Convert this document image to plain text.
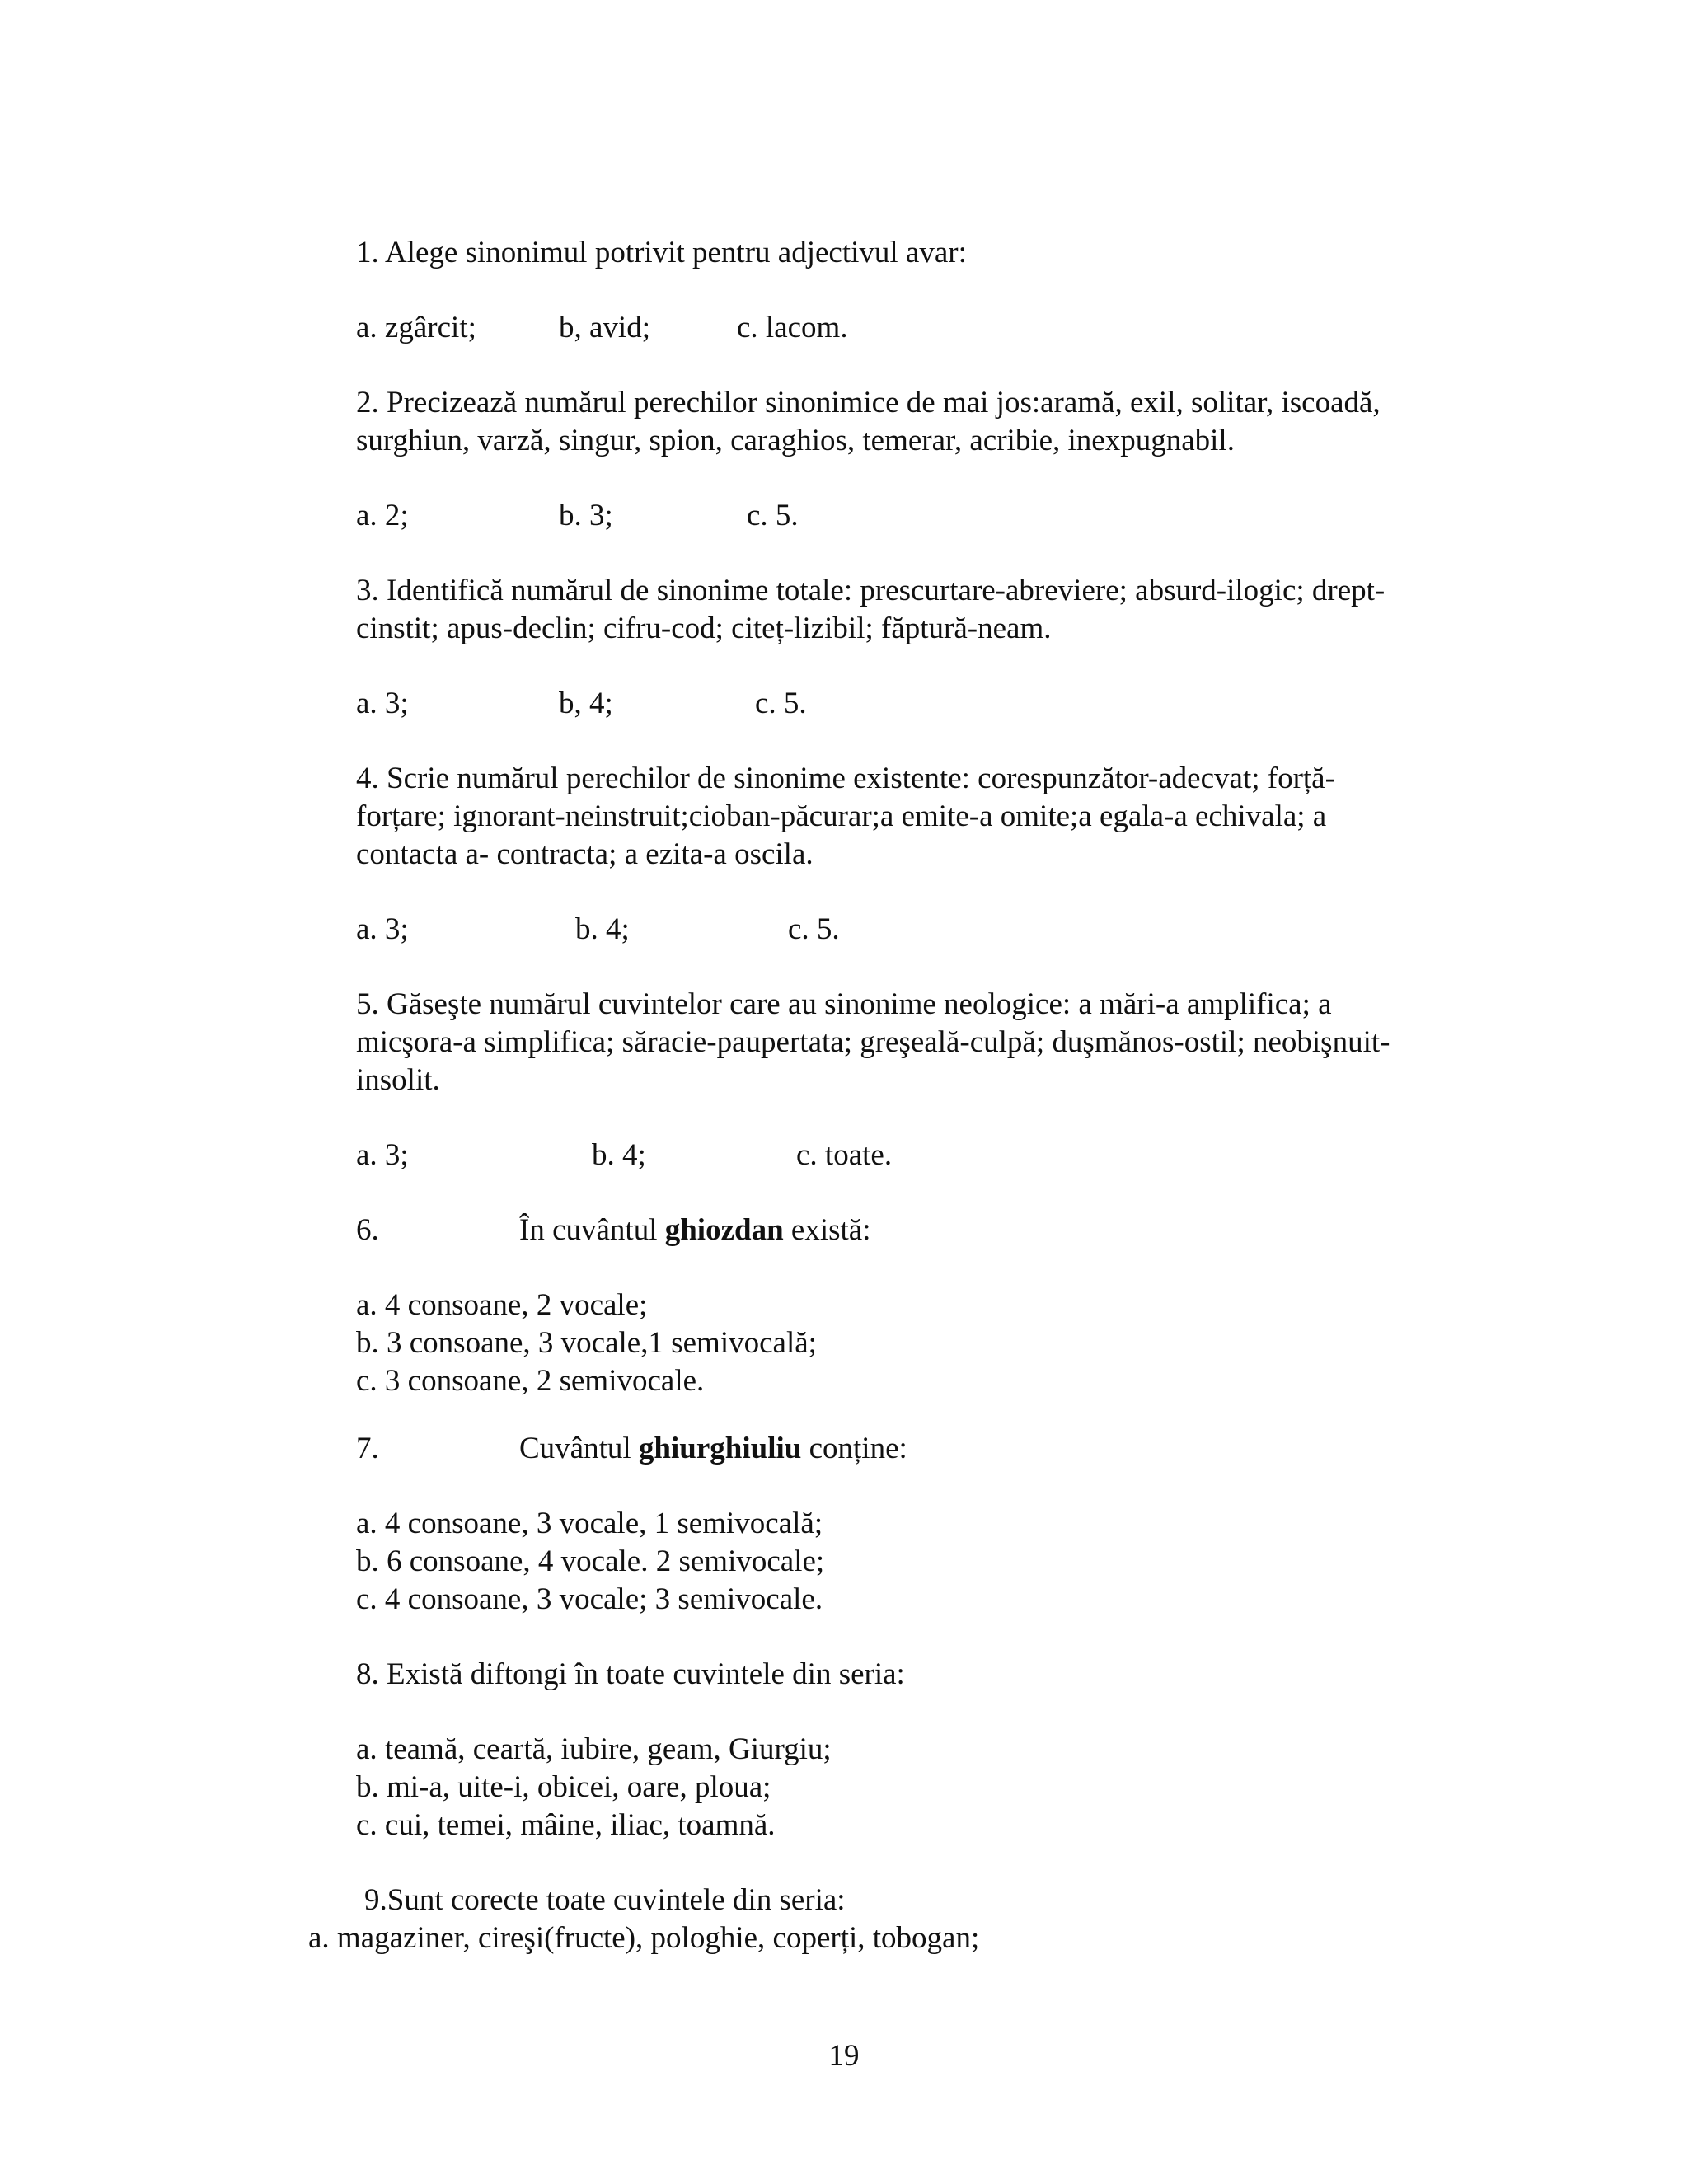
1. Alege sinonimul potrivit pentru adjectivul avar:
a. zgârcit;	b, avid;	c. lacom.
2. Precizează numărul perechilor sinonimice de mai jos:aramă, exil, solitar, iscoadă,
surghiun, varză, singur, spion, caraghios, temerar, acribie, inexpugnabil.
a. 2;	b. 3;	c. 5.
3. Identifică numărul de sinonime totale: prescurtare-abreviere; absurd-ilogic; drept-
cinstit; apus-declin; cifru-cod; citeț-lizibil; făptură-neam.
a. 3;	b, 4;	c. 5.
4. Scrie numărul perechilor de sinonime existente: corespunzător-adecvat; forță-
forțare; ignorant-neinstruit;cioban-păcurar;a emite-a omite;a egala-a echivala; a
contacta a- contracta; a ezita-a oscila.
a. 3;	b. 4;	c. 5.
5. Găseşte numărul cuvintelor care au sinonime neologice: a mări-a amplifica; a
micşora-a simplifica; săracie-paupertata; greşeală-culpă; duşmănos-ostil; neobişnuit-
insolit.
a. 3;	b. 4;	c. toate.
6.	În cuvântul ghiozdan există:
a. 4 consoane, 2 vocale;
b. 3 consoane, 3 vocale,1 semivocală;
c. 3 consoane, 2 semivocale.
7.	Cuvântul ghiurghiuliu conține:
a. 4 consoane, 3 vocale, 1 semivocală;
b. 6 consoane, 4 vocale. 2 semivocale;
c. 4 consoane, 3 vocale; 3 semivocale.
8. Există diftongi în toate cuvintele din seria:
a. teamă, ceartă, iubire, geam, Giurgiu;
b. mi-a, uite-i, obicei, oare, ploua;
c. cui, temei, mâine, iliac, toamnă.
9.Sunt corecte toate cuvintele din seria:
a. magaziner, cireşi(fructe), pologhie, coperți, tobogan;
19
